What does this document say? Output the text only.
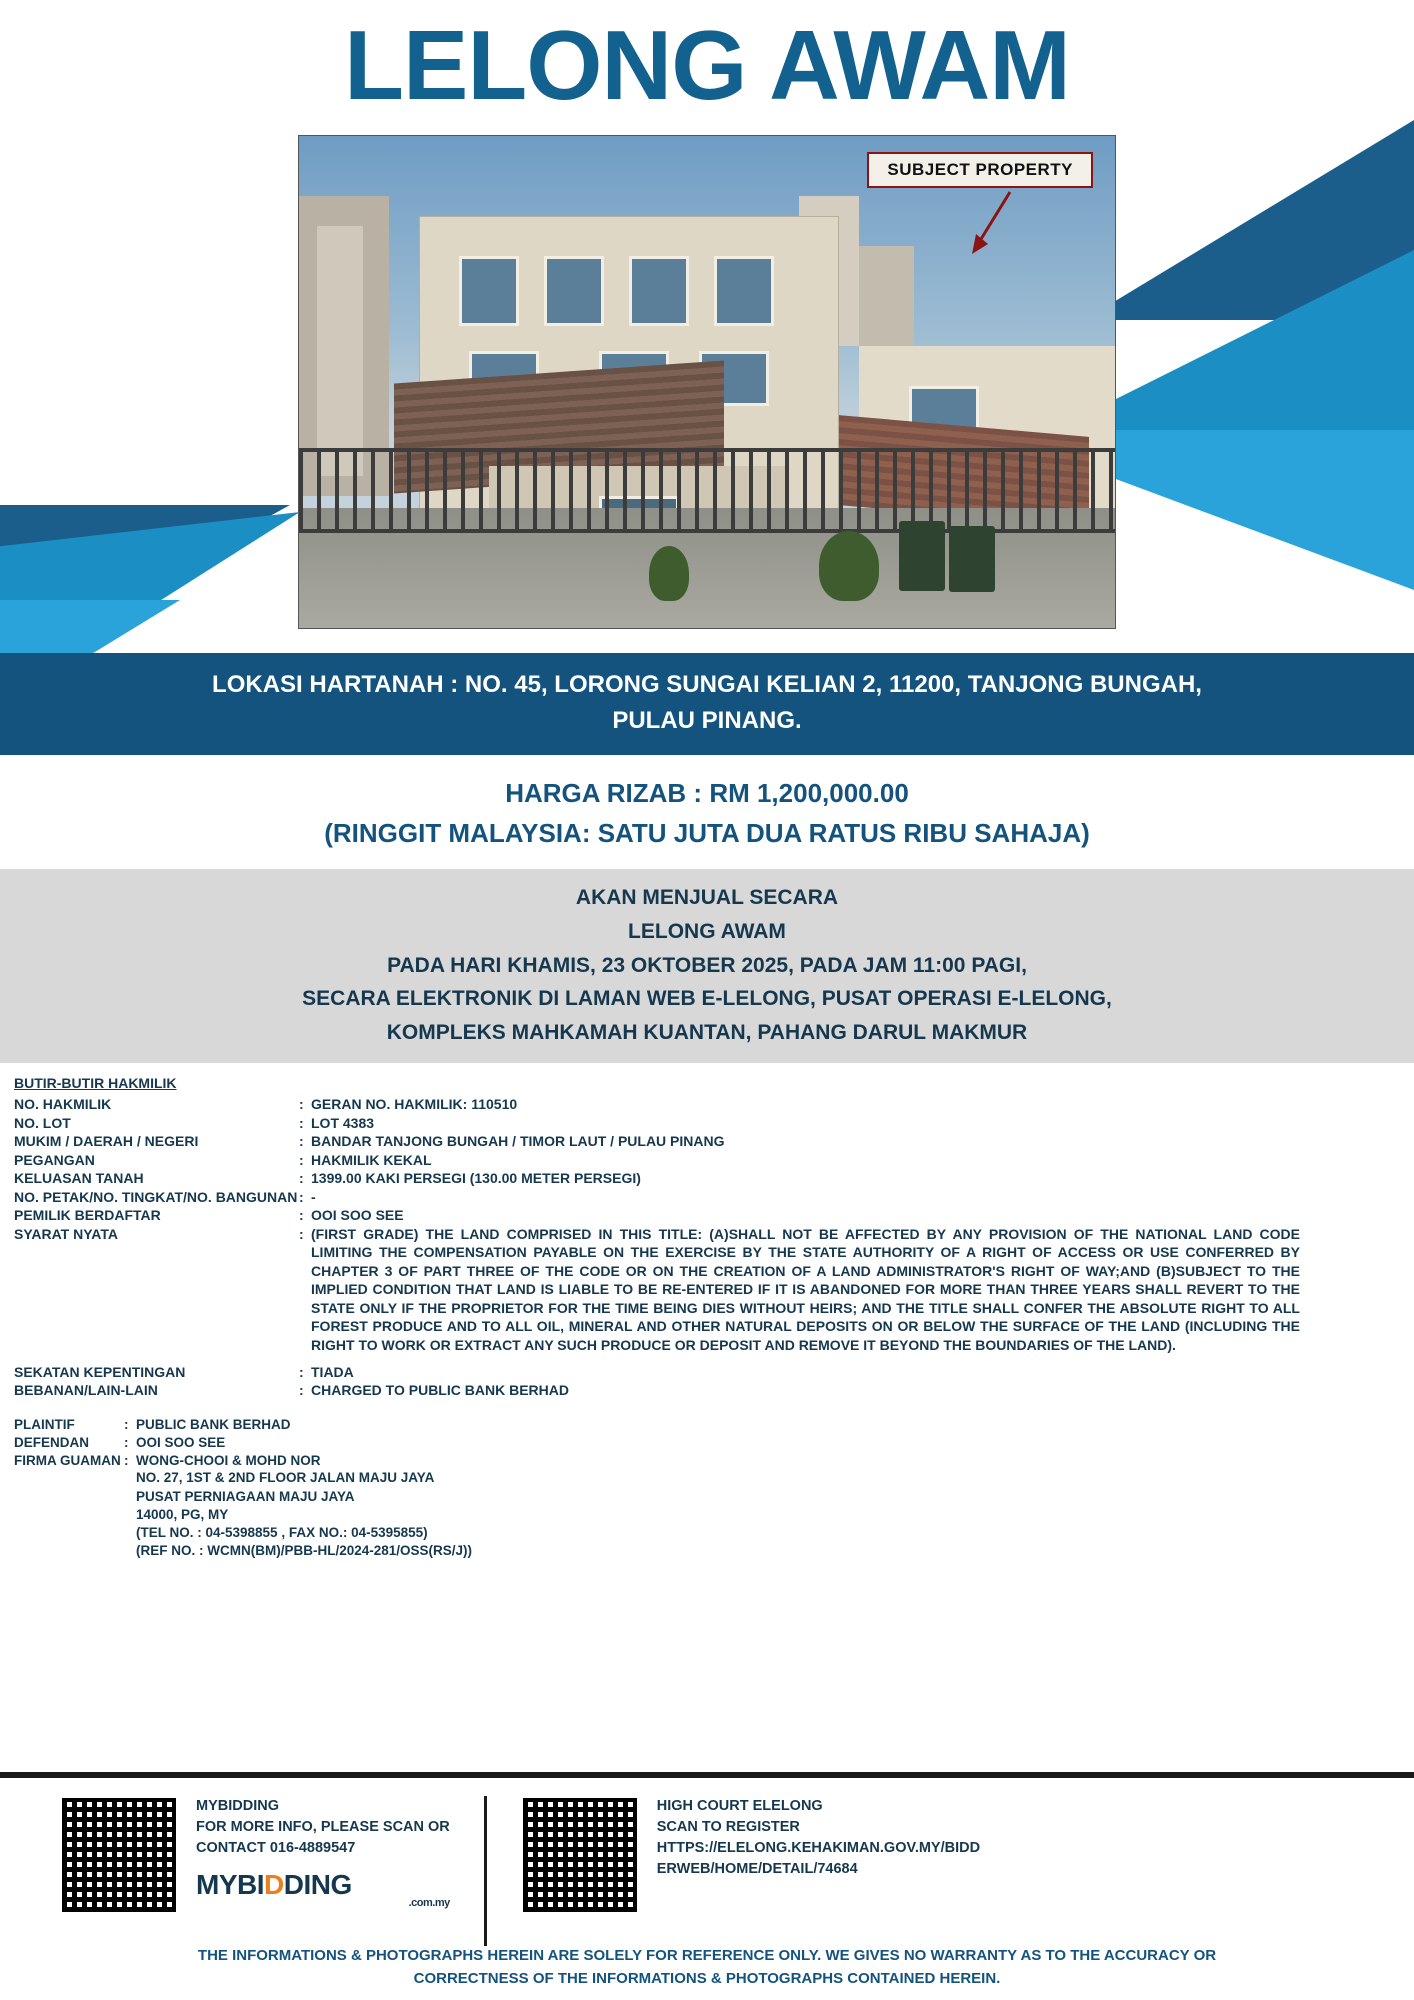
LELONG AWAM
SUBJECT PROPERTY
LOKASI HARTANAH : NO. 45, LORONG SUNGAI KELIAN 2, 11200, TANJONG BUNGAH,
PULAU PINANG.
HARGA RIZAB : RM 1,200,000.00
(RINGGIT MALAYSIA: SATU JUTA DUA RATUS RIBU SAHAJA)
AKAN MENJUAL SECARA
LELONG AWAM
PADA HARI KHAMIS, 23 OKTOBER 2025, PADA JAM 11:00 PAGI,
SECARA ELEKTRONIK DI LAMAN WEB E-LELONG, PUSAT OPERASI E-LELONG,
KOMPLEKS MAHKAMAH KUANTAN, PAHANG DARUL MAKMUR
BUTIR-BUTIR HAKMILIK
NO. HAKMILIK	: GERAN NO. HAKMILIK: 110510
NO. LOT	: LOT 4383
MUKIM / DAERAH / NEGERI	: BANDAR TANJONG BUNGAH / TIMOR LAUT / PULAU PINANG
PEGANGAN	: HAKMILIK KEKAL
KELUASAN TANAH	: 1399.00 KAKI PERSEGI (130.00 METER PERSEGI)
NO. PETAK/NO. TINGKAT/NO. BANGUNAN : -
PEMILIK BERDAFTAR	: OOI SOO SEE
SYARAT NYATA	: (FIRST GRADE) THE LAND COMPRISED IN THIS TITLE: (A)SHALL NOT BE AFFECTED BY ANY PROVISION OF THE NATIONAL LAND CODE LIMITING THE COMPENSATION PAYABLE ON THE EXERCISE BY THE STATE AUTHORITY OF A RIGHT OF ACCESS OR USE CONFERRED BY CHAPTER 3 OF PART THREE OF THE CODE OR ON THE CREATION OF A LAND ADMINISTRATOR'S RIGHT OF WAY;AND (B)SUBJECT TO THE IMPLIED CONDITION THAT LAND IS LIABLE TO BE RE-ENTERED IF IT IS ABANDONED FOR MORE THAN THREE YEARS SHALL REVERT TO THE STATE ONLY IF THE PROPRIETOR FOR THE TIME BEING DIES WITHOUT HEIRS; AND THE TITLE SHALL CONFER THE ABSOLUTE RIGHT TO ALL FOREST PRODUCE AND TO ALL OIL, MINERAL AND OTHER NATURAL DEPOSITS ON OR BELOW THE SURFACE OF THE LAND (INCLUDING THE RIGHT TO WORK OR EXTRACT ANY SUCH PRODUCE OR DEPOSIT AND REMOVE IT BEYOND THE BOUNDARIES OF THE LAND).
SEKATAN KEPENTINGAN	: TIADA
BEBANAN/LAIN-LAIN	: CHARGED TO PUBLIC BANK BERHAD
PLAINTIF	: PUBLIC BANK BERHAD
DEFENDAN	: OOI SOO SEE
FIRMA GUAMAN : WONG-CHOOI & MOHD NOR
NO. 27, 1ST & 2ND FLOOR JALAN MAJU JAYA
PUSAT PERNIAGAAN MAJU JAYA
14000, PG, MY
(TEL NO. : 04-5398855 , FAX NO.: 04-5395855)
(REF NO. : WCMN(BM)/PBB-HL/2024-281/OSS(RS/J))
MYBIDDING
FOR MORE INFO, PLEASE SCAN OR
CONTACT 016-4889547
MYBIDDING
.com.my
HIGH COURT ELELONG
SCAN TO REGISTER
HTTPS://ELELONG.KEHAKIMAN.GOV.MY/BIDD
ERWEB/HOME/DETAIL/74684
THE INFORMATIONS & PHOTOGRAPHS HEREIN ARE SOLELY FOR REFERENCE ONLY. WE GIVES NO WARRANTY AS TO THE ACCURACY OR
CORRECTNESS OF THE INFORMATIONS & PHOTOGRAPHS CONTAINED HEREIN.
